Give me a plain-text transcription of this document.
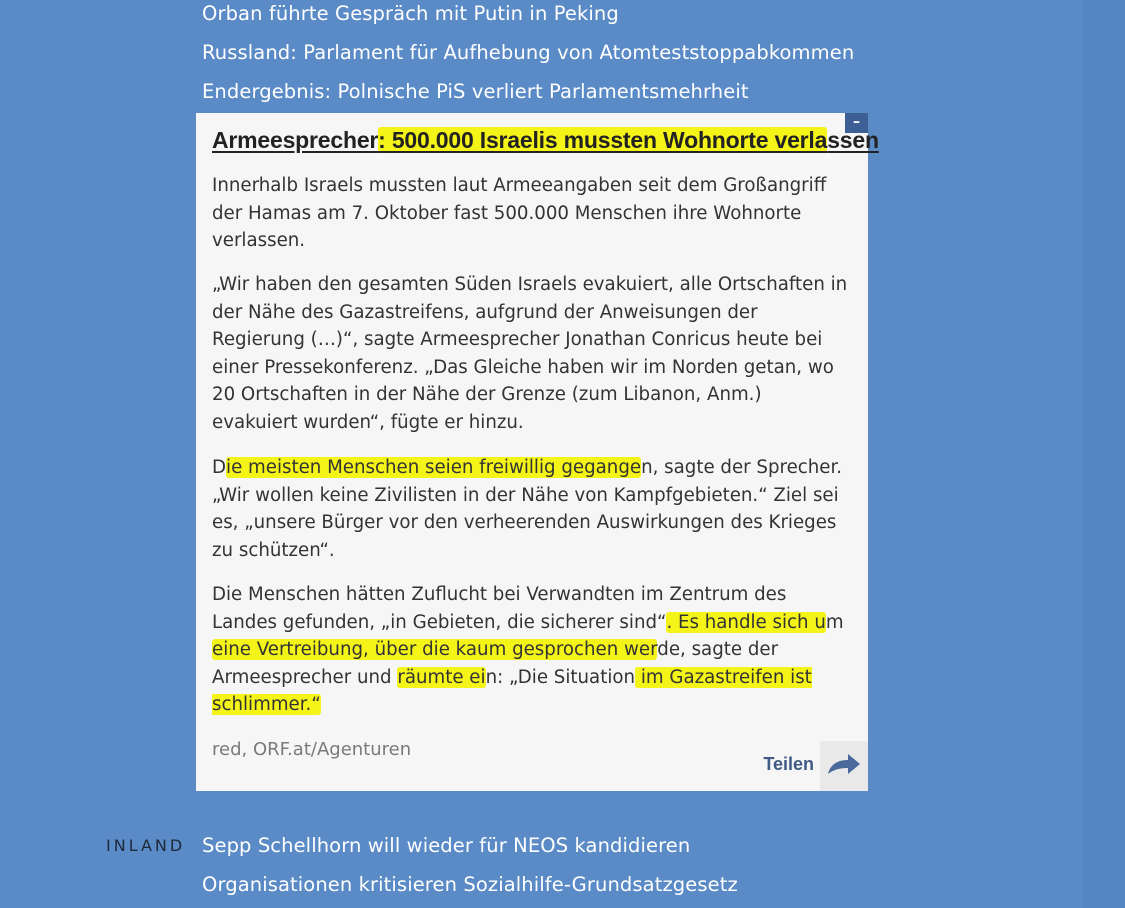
Orban führte Gespräch mit Putin in Peking
Russland: Parlament für Aufhebung von Atomteststoppabkommen
Endergebnis: Polnische PiS verliert Parlamentsmehrheit
–
Armeesprecher: 500.000 Israelis mussten Wohnorte verlassen

Innerhalb Israels mussten laut Armeeangaben seit dem Großangriff der Hamas am 7. Oktober fast 500.000 Menschen ihre Wohnorte verlassen.

„Wir haben den gesamten Süden Israels evakuiert, alle Ortschaften in der Nähe des Gazastreifens, aufgrund der Anweisungen der Regierung (…)“, sagte Armeesprecher Jonathan Conricus heute bei einer Pressekonferenz. „Das Gleiche haben wir im Norden getan, wo 20 Ortschaften in der Nähe der Grenze (zum Libanon, Anm.) evakuiert wurden“, fügte er hinzu.

Die meisten Menschen seien freiwillig gegangen, sagte der Sprecher. „Wir wollen keine Zivilisten in der Nähe von Kampfgebieten.“ Ziel sei es, „unsere Bürger vor den verheerenden Auswirkungen des Krieges zu schützen“.

Die Menschen hätten Zuflucht bei Verwandten im Zentrum des Landes gefunden, „in Gebieten, die sicherer sind“. Es handle sich um eine Vertreibung, über die kaum gesprochen werde, sagte der Armeesprecher und räumte ein: „Die Situation im Gazastreifen ist schlimmer.“

red, ORF.at/Agenturen
Teilen
INLAND Sepp Schellhorn will wieder für NEOS kandidieren
Organisationen kritisieren Sozialhilfe-Grundsatzgesetz
